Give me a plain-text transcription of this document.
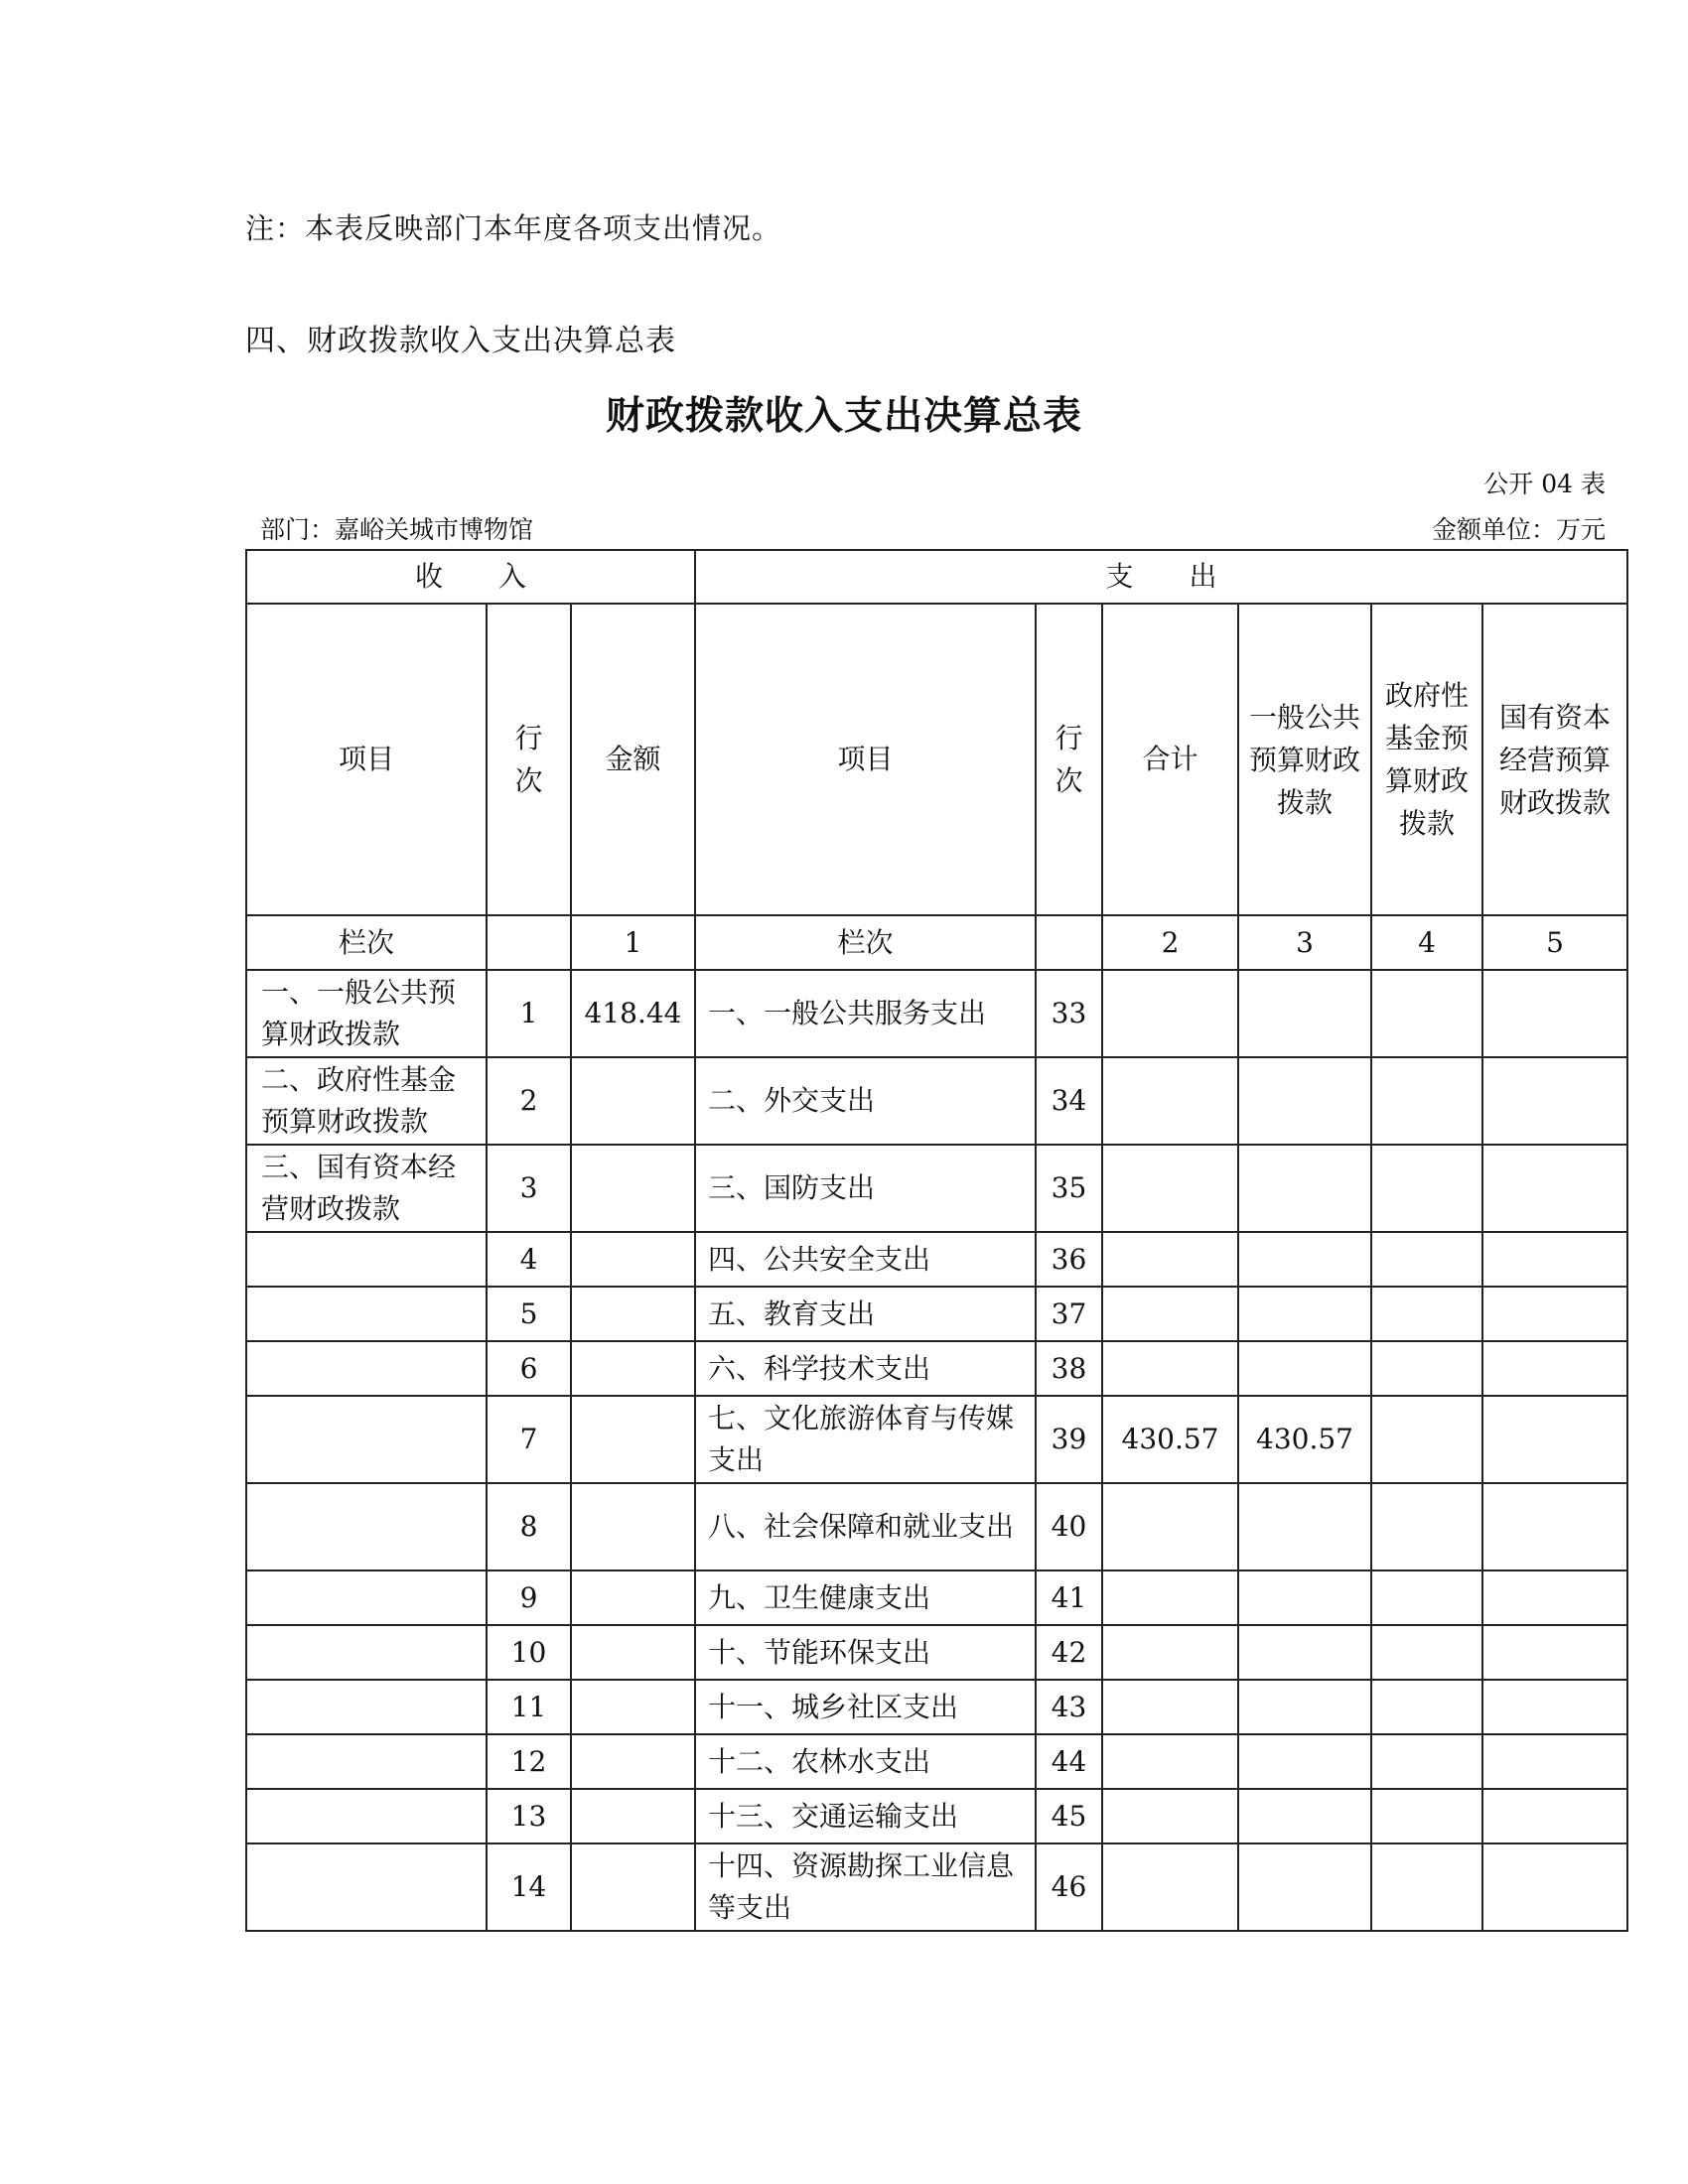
注：本表反映部门本年度各项支出情况。
四、财政拨款收入支出决算总表
财政拨款收入支出决算总表
公开 04 表
部门：嘉峪关城市博物馆	金额单位：万元
收　　入			支　　出					
项目	行次	金额	项目	行次	合计	一般公共预算财政拨款	政府性基金预算财政拨款	国有资本经营预算财政拨款
栏次		1	栏次		2	3	4	5
一、一般公共预算财政拨款	1	418.44	一、一般公共服务支出	33				
二、政府性基金预算财政拨款	2		二、外交支出	34				
三、国有资本经营财政拨款	3		三、国防支出	35				
	4		四、公共安全支出	36				
	5		五、教育支出	37				
	6		六、科学技术支出	38				
	7		七、文化旅游体育与传媒支出	39	430.57	430.57		
	8		八、社会保障和就业支出	40				
	9		九、卫生健康支出	41				
	10		十、节能环保支出	42				
	11		十一、城乡社区支出	43				
	12		十二、农林水支出	44				
	13		十三、交通运输支出	45				
	14		十四、资源勘探工业信息等支出	46				
